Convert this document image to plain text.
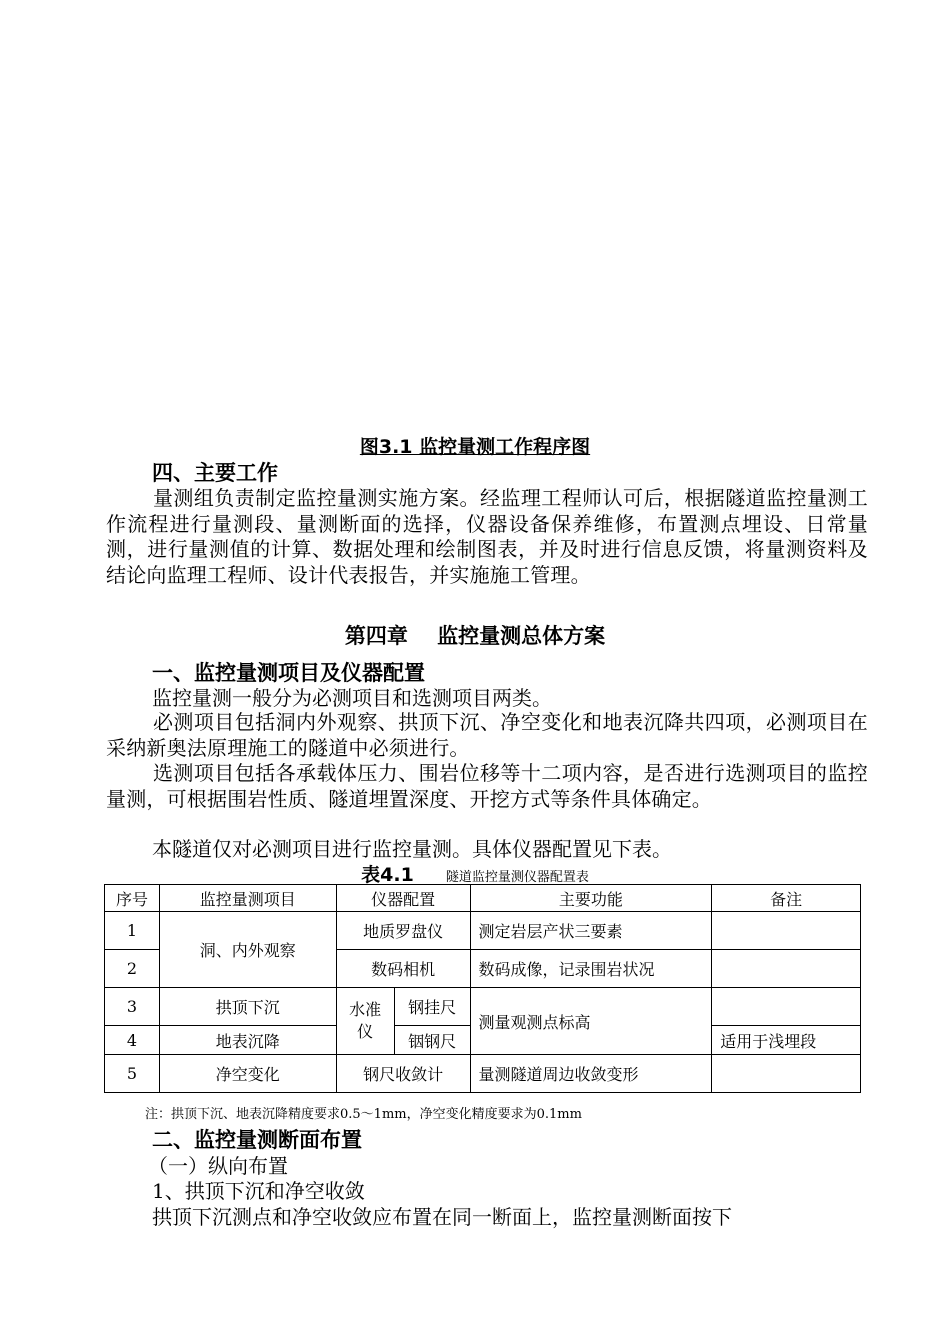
图3.1 监控量测工作程序图
四、主要工作
量测组负责制定监控量测实施方案。经监理工程师认可后，根据隧道监控量测工作流程进行量测段、量测断面的选择，仪器设备保养维修，布置测点埋设、日常量测，进行量测值的计算、数据处理和绘制图表，并及时进行信息反馈，将量测资料及结论向监理工程师、设计代表报告，并实施施工管理。
第四章    监控量测总体方案
一、监控量测项目及仪器配置
监控量测一般分为必测项目和选测项目两类。
必测项目包括洞内外观察、拱顶下沉、净空变化和地表沉降共四项，必测项目在采纳新奥法原理施工的隧道中必须进行。
选测项目包括各承载体压力、围岩位移等十二项内容，是否进行选测项目的监控量测，可根据围岩性质、隧道埋置深度、开挖方式等条件具体确定。
本隧道仅对必测项目进行监控量测。具体仪器配置见下表。
表4.1 隧道监控量测仪器配置表
序号	监控量测项目	仪器配置		主要功能	备注
1	洞、内外观察	地质罗盘仪		测定岩层产状三要素	
2		数码相机		数码成像，记录围岩状况	
3	拱顶下沉	水准仪	钢挂尺	测量观测点标高	
4	地表沉降		铟钢尺		适用于浅埋段
5	净空变化	钢尺收敛计		量测隧道周边收敛变形	
注：拱顶下沉、地表沉降精度要求0.5～1mm，净空变化精度要求为0.1mm
二、监控量测断面布置
（一）纵向布置
1、拱顶下沉和净空收敛
拱顶下沉测点和净空收敛应布置在同一断面上，监控量测断面按下
